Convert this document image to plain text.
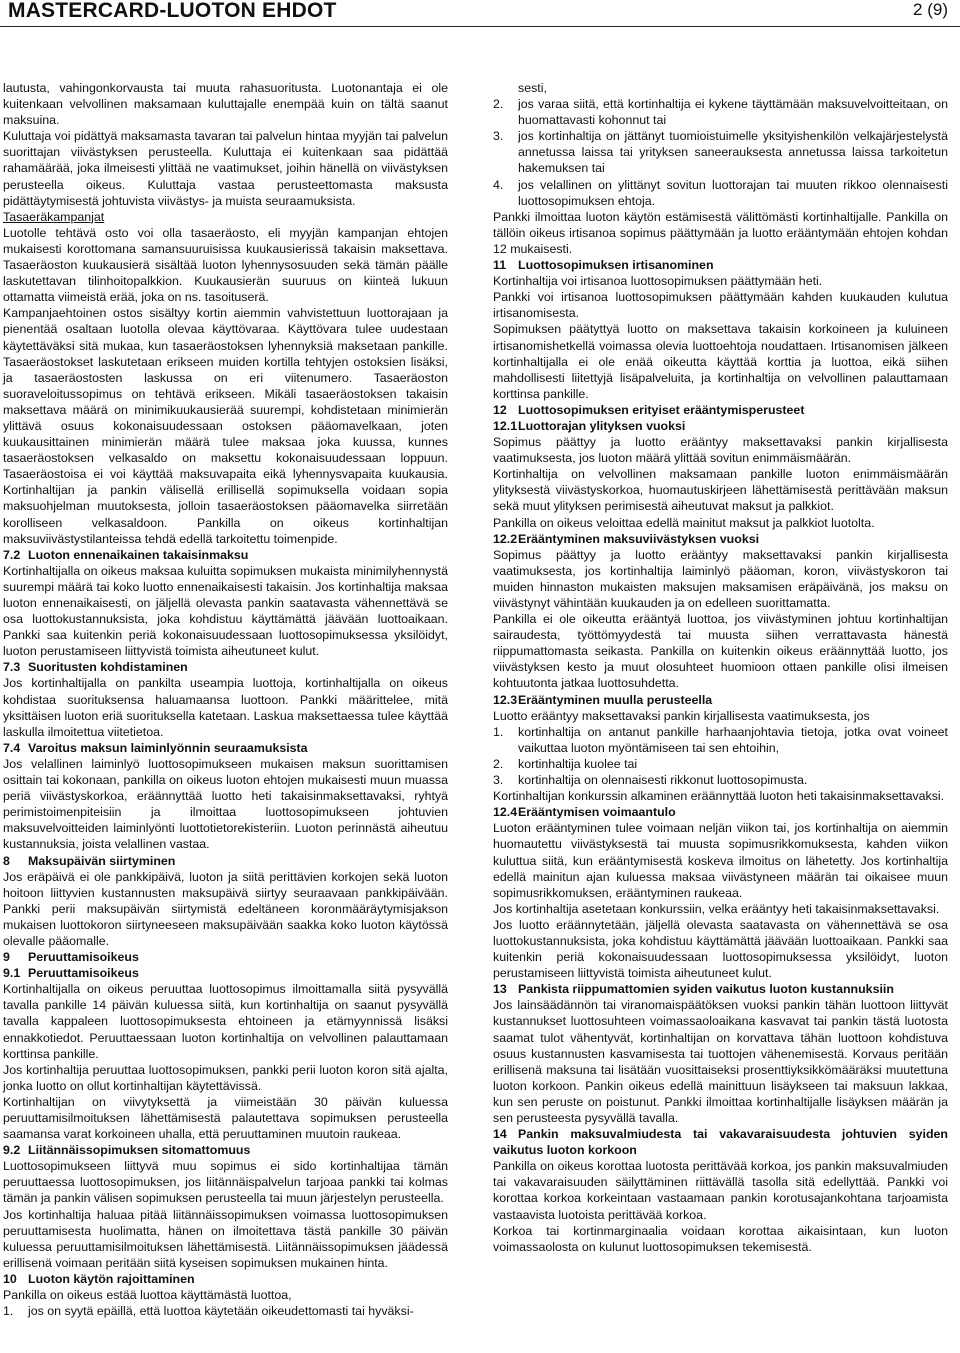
MASTERCARD-LUOTON EHDOT	2 (9)

lautusta, vahingonkorvausta tai muuta rahasuoritusta. Luotonantaja ei ole kuitenkaan velvollinen maksamaan kuluttajalle enempää kuin on tältä saanut maksuina.

Kuluttaja voi pidättyä maksamasta tavaran tai palvelun hintaa myyjän tai palvelun suorittajan viivästyksen perusteella. Kuluttaja ei kuitenkaan saa pidättää rahamäärää, joka ilmeisesti ylittää ne vaatimukset, joihin hänellä on viivästyksen perusteella oikeus. Kuluttaja vastaa perusteettomasta maksusta pidättäytymisestä johtuvista viivästys- ja muista seuraamuksista.

Tasaeräkampanjat

Luotolle tehtävä osto voi olla tasaeräosto, eli myyjän kampanjan ehtojen mukaisesti korottomana samansuuruisissa kuukausierissä takaisin maksettava. Tasaeräoston kuukausierä sisältää luoton lyhennysosuuden sekä tämän päälle laskutettavan tilinhoitopalkkion. Kuukausierän suuruus on kiinteä lukuun ottamatta viimeistä erää, joka on ns. tasoituserä.

Kampanjaehtoinen ostos sisältyy kortin aiemmin vahvistettuun luottorajaan ja pienentää osaltaan luotolla olevaa käyttövaraa. Käyttövara tulee uudestaan käytettäväksi sitä mukaa, kun tasaeräostoksen lyhennyksiä maksetaan pankille. Tasaeräostokset laskutetaan erikseen muiden kortilla tehtyjen ostoksien lisäksi, ja tasaeräostosten laskussa on eri viitenumero. Tasaeräoston suoraveloitussopimus on tehtävä erikseen. Mikäli tasaeräostoksen takaisin maksettava määrä on minimikuukausierää suurempi, kohdistetaan minimierän ylittävä osuus kokonaisuudessaan ostoksen pääomavelkaan, joten kuukausittainen minimierän määrä tulee maksaa joka kuussa, kunnes tasaeräostoksen velkasaldo on maksettu kokonaisuudessaan loppuun. Tasaeräostoisa ei voi käyttää maksuvapaita eikä lyhennysvapaita kuukausia. Kortinhaltijan ja pankin välisellä erillisellä sopimuksella voidaan sopia maksuohjelman muutoksesta, jolloin tasaeräostoksen pääomavelka siirretään korolliseen velkasaldoon. Pankilla on oikeus kortinhaltijan maksuviivästystilanteissa tehdä edellä tarkoitettu toimenpide.

7.2 Luoton ennenaikainen takaisinmaksu

Kortinhaltijalla on oikeus maksaa kuluitta sopimuksen mukaista minimilyhennystä suurempi määrä tai koko luotto ennenaikaisesti takaisin. Jos kortinhaltija maksaa luoton ennenaikaisesti, on jäljellä olevasta pankin saatavasta vähennettävä se osa luottokustannuksista, joka kohdistuu käyttämättä jäävään luottoaikaan. Pankki saa kuitenkin periä kokonaisuudessaan luottosopimuksessa yksilöidyt, luoton perustamiseen liittyvistä toimista aiheutuneet kulut.

7.3 Suoritusten kohdistaminen

Jos kortinhaltijalla on pankilta useampia luottoja, kortinhaltijalla on oikeus kohdistaa suorituksensa haluamaansa luottoon. Pankki määrittelee, mitä yksittäisen luoton eriä suorituksella katetaan. Laskua maksettaessa tulee käyttää laskulla ilmoitettua viitetietoa.

7.4 Varoitus maksun laiminlyönnin seuraamuksista

Jos velallinen laiminlyö luottosopimukseen mukaisen maksun suorittamisen osittain tai kokonaan, pankilla on oikeus luoton ehtojen mukaisesti muun muassa periä viivästyskorkoa, eräännyttää luotto heti takaisinmaksettavaksi, ryhtyä perimistoimenpiteisiin ja ilmoittaa luottosopimukseen johtuvien maksuvelvoitteiden laiminlyönti luottotietorekisteriin. Luoton perinnästä aiheutuu kustannuksia, joista velallinen vastaa.

8 Maksupäivän siirtyminen

Jos eräpäivä ei ole pankkipäivä, luoton ja siitä perittävien korkojen sekä luoton hoitoon liittyvien kustannusten maksupäivä siirtyy seuraavaan pankkipäivään. Pankki perii maksupäivän siirtymistä edeltäneen koronmääräytymisjakson mukaisen luottokoron siirtyneeseen maksupäivään saakka koko luoton käytössä olevalle pääomalle.

9 Peruuttamisoikeus

9.1 Peruuttamisoikeus

Kortinhaltijalla on oikeus peruuttaa luottosopimus ilmoittamalla siitä pysyvällä tavalla pankille 14 päivän kuluessa siitä, kun kortinhaltija on saanut pysyvällä tavalla kappaleen luottosopimuksesta ehtoineen ja etämyynnissä lisäksi ennakkotiedot. Peruuttaessaan luoton kortinhaltija on velvollinen palauttamaan korttinsa pankille.

Jos kortinhaltija peruuttaa luottosopimuksen, pankki perii luoton koron sitä ajalta, jonka luotto on ollut kortinhaltijan käytettävissä.

Kortinhaltijan on viivytyksettä ja viimeistään 30 päivän kuluessa peruuttamisilmoituksen lähettämisestä palautettava sopimuksen perusteella saamansa varat korkoineen uhalla, että peruuttaminen muutoin raukeaa.

9.2 Liitännäissopimuksen sitomattomuus

Luottosopimukseen liittyvä muu sopimus ei sido kortinhaltijaa tämän peruuttaessa luottosopimuksen, jos liitännäispalvelun tarjoaa pankki tai kolmas tämän ja pankin välisen sopimuksen perusteella tai muun järjestelyn perusteella.

Jos kortinhaltija haluaa pitää liitännäissopimuksen voimassa luottosopimuksen peruuttamisesta huolimatta, hänen on ilmoitettava tästä pankille 30 päivän kuluessa peruuttamisilmoituksen lähettämisestä. Liitännäissopimuksen jäädessä erillisenä voimaan peritään siitä kyseisen sopimuksen mukainen hinta.

10 Luoton käytön rajoittaminen

Pankilla on oikeus estää luottoa käyttämästä luottoa,

1. jos on syytä epäillä, että luottoa käytetään oikeudettomasti tai hyväksi-
sesti,
2. jos varaa siitä, että kortinhaltija ei kykene täyttämään maksuvelvoitteitaan, on huomattavasti kohonnut tai
3. jos kortinhaltija on jättänyt tuomioistuimelle yksityishenkilön velkajärjestelystä annetussa laissa tai yrityksen saneerauksesta annetussa laissa tarkoitetun hakemuksen tai
4. jos velallinen on ylittänyt sovitun luottorajan tai muuten rikkoo olennaisesti luottosopimuksen ehtoja.

Pankki ilmoittaa luoton käytön estämisestä välittömästi kortinhaltijalle. Pankilla on tällöin oikeus irtisanoa sopimus päättymään ja luotto erääntymään ehtojen kohdan 12 mukaisesti.

11 Luottosopimuksen irtisanominen

Kortinhaltija voi irtisanoa luottosopimuksen päättymään heti.

Pankki voi irtisanoa luottosopimuksen päättymään kahden kuukauden kulutua irtisanomisesta.

Sopimuksen päätyttyä luotto on maksettava takaisin korkoineen ja kuluineen irtisanomishetkellä voimassa olevia luottoehtoja noudattaen. Irtisanomisen jälkeen kortinhaltijalla ei ole enää oikeutta käyttää korttia ja luottoa, eikä siihen mahdollisesti liitettyjä lisäpalveluita, ja kortinhaltija on velvollinen palauttamaan korttinsa pankille.

12 Luottosopimuksen erityiset erääntymisperusteet

12.1Luottorajan ylityksen vuoksi

Sopimus päättyy ja luotto erääntyy maksettavaksi pankin kirjallisesta vaatimuksesta, jos luoton määrä ylittää sovitun enimmäismäärän.

Kortinhaltija on velvollinen maksamaan pankille luoton enimmäismäärän ylityksestä viivästyskorkoa, huomautuskirjeen lähettämisestä perittävään maksun sekä muut ylityksen perimisestä aiheutuvat maksut ja palkkiot.

Pankilla on oikeus veloittaa edellä mainitut maksut ja palkkiot luotolta.

12.2Erääntyminen maksuviivästyksen vuoksi

Sopimus päättyy ja luotto erääntyy maksettavaksi pankin kirjallisesta vaatimuksesta, jos kortinhaltija laiminlyö pääoman, koron, viivästyskoron tai muiden hinnaston mukaisten maksujen maksamisen eräpäivänä, jos maksu on viivästynyt vähintään kuukauden ja on edelleen suorittamatta.

Pankilla ei ole oikeutta erääntyä luottoa, jos viivästyminen johtuu kortinhaltijan sairaudesta, työttömyydestä tai muusta siihen verrattavasta hänestä riippumattomasta seikasta. Pankilla on kuitenkin oikeus eräännyttää luotto, jos viivästyksen kesto ja muut olosuhteet huomioon ottaen pankille olisi ilmeisen kohtuutonta jatkaa luottosuhdetta.

12.3Erääntyminen muulla perusteella

Luotto erääntyy maksettavaksi pankin kirjallisesta vaatimuksesta, jos

1. kortinhaltija on antanut pankille harhaanjohtavia tietoja, jotka ovat voineet vaikuttaa luoton myöntämiseen tai sen ehtoihin,
2. kortinhaltija kuolee tai
3. kortinhaltija on olennaisesti rikkonut luottosopimusta.

Kortinhaltijan konkurssin alkaminen eräännyttää luoton heti takaisinmaksettavaksi.

12.4Erääntymisen voimaantulo

Luoton erääntyminen tulee voimaan neljän viikon tai, jos kortinhaltija on aiemmin huomautettu viivästyksestä tai muusta sopimusrikkomuksesta, kahden viikon kuluttua siitä, kun erääntymisestä koskeva ilmoitus on lähetetty. Jos kortinhaltija edellä mainitun ajan kuluessa maksaa viivästyneen määrän tai oikaisee muun sopimusrikkomuksen, erääntyminen raukeaa.

Jos kortinhaltija asetetaan konkurssiin, velka erääntyy heti takaisinmaksettavaksi.

Jos luotto eräännytetään, jäljellä olevasta saatavasta on vähennettävä se osa luottokustannuksista, joka kohdistuu käyttämättä jäävään luottoaikaan. Pankki saa kuitenkin periä kokonaisuudessaan luottosopimuksessa yksilöidyt, luoton perustamiseen liittyvistä toimista aiheutuneet kulut.

13 Pankista riippumattomien syiden vaikutus luoton kustannuksiin

Jos lainsäädännön tai viranomaispäätöksen vuoksi pankin tähän luottoon liittyvät kustannukset luottosuhteen voimassaoloaikana kasvavat tai pankin tästä luotosta saamat tulot vähentyvät, kortinhaltijan on korvattava tähän luottoon kohdistuva osuus kustannusten kasvamisesta tai tuottojen vähenemisestä. Korvaus peritään erillisenä maksuna tai lisätään vuosittaiseksi prosenttiyksikkömääräksi muutettuna luoton korkoon. Pankin oikeus edellä mainittuun lisäykseen tai maksuun lakkaa, kun sen peruste on poistunut. Pankki ilmoittaa kortinhaltijalle lisäyksen määrän ja sen perusteesta pysyvällä tavalla.

14 Pankin maksuvalmiudesta tai vakavaraisuudesta johtuvien syiden vaikutus luoton korkoon

Pankilla on oikeus korottaa luotosta perittävää korkoa, jos pankin maksuvalmiuden tai vakavaraisuuden säilyttäminen riittävällä tasolla sitä edellyttää. Pankki voi korottaa korkoa korkeintaan vastaamaan pankin korotusajankohtana tarjoamista vastaavista luotoista perittävää korkoa.

Korkoa tai kortinmarginaalia voidaan korottaa aikaisintaan, kun luoton voimassaolosta on kulunut luottosopimuksen tekemisestä.
